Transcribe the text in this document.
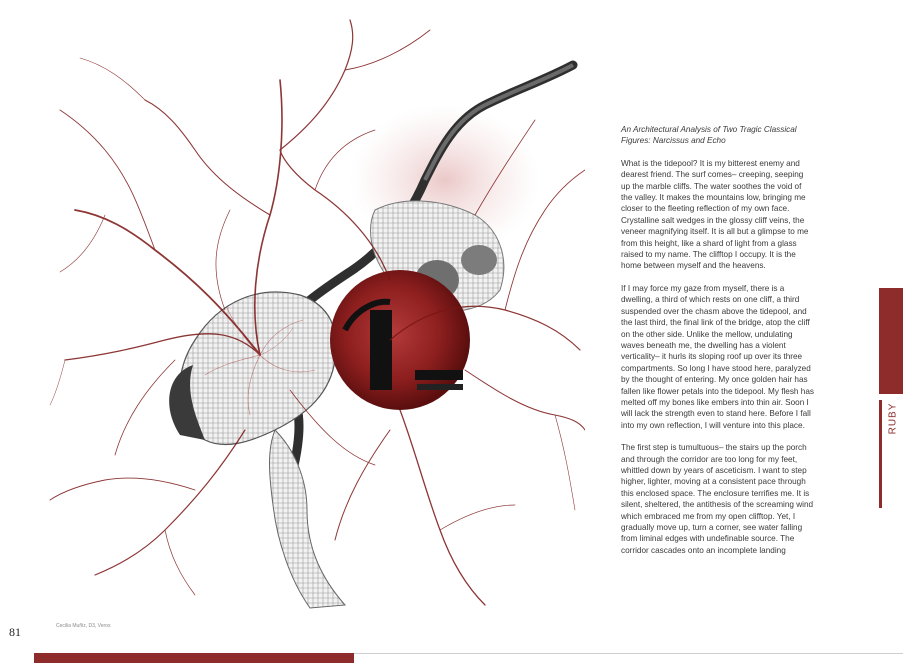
An Architectural Analysis of Two Tragic Classical Figures: Narcissus and Echo

What is the tidepool? It is my bitterest enemy and dearest friend. The surf comes– creeping, seeping up the marble cliffs. The water soothes the void of the valley. It makes the mountains low, bringing me closer to the fleeting reflection of my own face. Crystalline salt wedges in the glossy cliff veins, the veneer magnifying itself. It is all but a glimpse to me from this height, like a shard of light from a glass raised to my name. The clifftop I occupy. It is the home between myself and the heavens.

If I may force my gaze from myself, there is a dwelling, a third of which rests on one cliff, a third suspended over the chasm above the tidepool, and the last third, the final link of the bridge, atop the cliff on the other side. Unlike the mellow, undulating waves beneath me, the dwelling has a violent verticality– it hurls its sloping roof up over its three compartments. So long I have stood here, paralyzed by the thought of entering. My once golden hair has fallen like flower petals into the tidepool. My flesh has melted off my bones like embers into thin air. Soon I will lack the strength even to stand here. Before I fall into my own reflection, I will venture into this place.

The first step is tumultuous– the stairs up the porch and through the corridor are too long for my feet, whittled down by years of asceticism. I want to step higher, lighter, moving at a consistent pace through this enclosed space. The enclosure terrifies me. It is silent, sheltered, the antithesis of the screaming wind which embraced me from my open clifftop. Yet, I gradually move up, turn a corner, see water falling from liminal edges with undefinable source. The corridor cascades onto an incomplete landing

RUBY
81	Cecilia Muñiz, D3, Veros
